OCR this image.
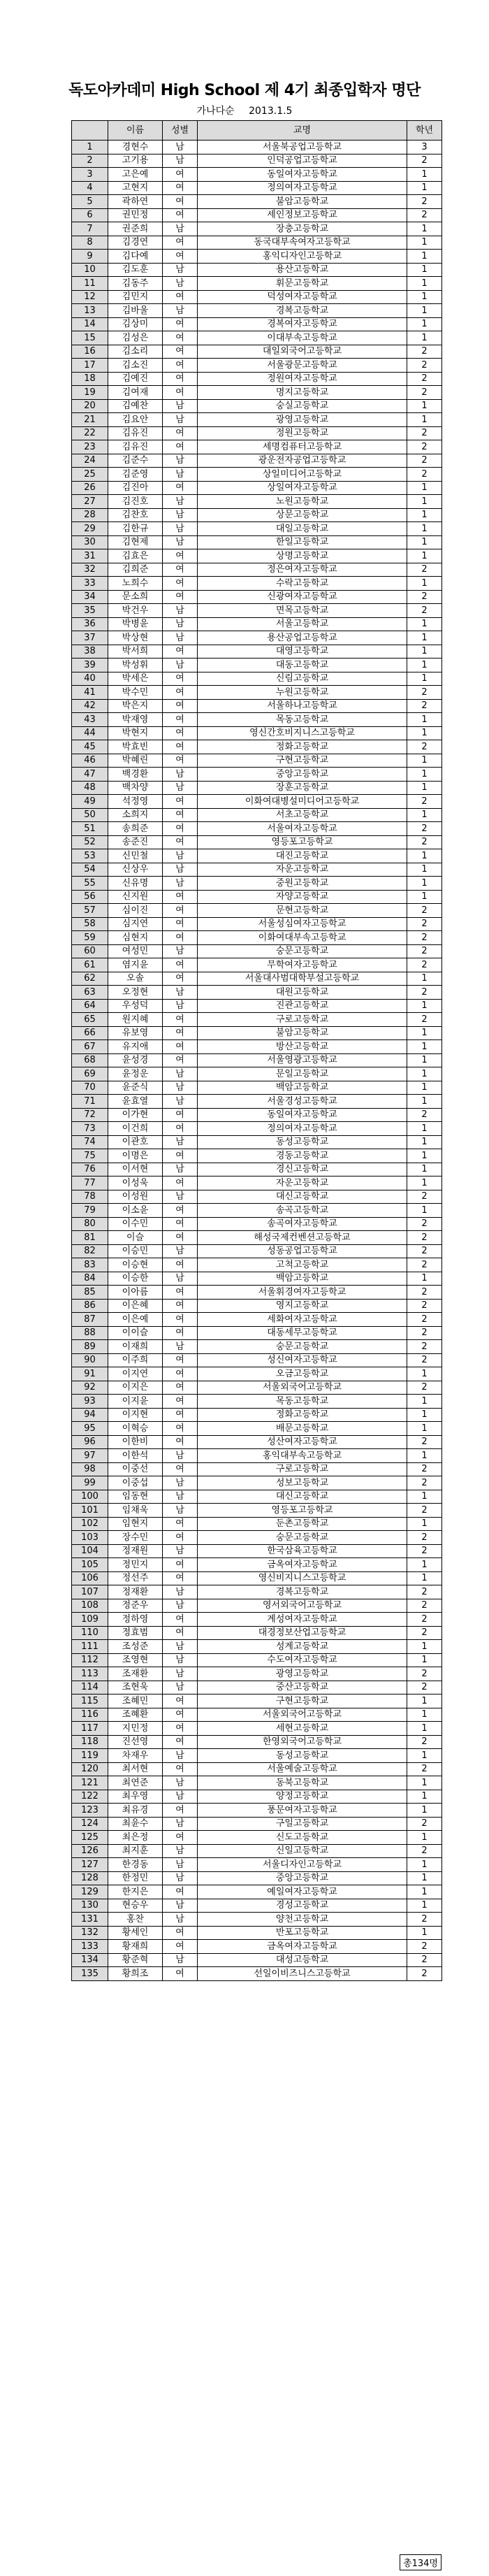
독도아카데미 High School 제 4기 최종입학자 명단
가나다순 2013.1.5
	이름	성별	교명	학년
1	경현수	남	서울북공업고등학교	3
2	고기용	남	인덕공업고등학교	2
3	고은예	여	동일여자고등학교	1
4	고현지	여	정의여자고등학교	1
5	곽하연	여	불암고등학교	2
6	권민정	여	세인정보고등학교	2
7	권준희	남	장충고등학교	1
8	김경연	여	동국대부속여자고등학교	1
9	김다예	여	홍익디자인고등학교	1
10	김도훈	남	용산고등학교	1
11	김동주	남	휘문고등학교	1
12	김민지	여	덕성여자고등학교	1
13	김바울	남	경복고등학교	1
14	김상미	여	경복여자고등학교	1
15	김성은	여	이대부속고등학교	1
16	김소리	여	대일외국어고등학교	2
17	김소진	여	서울광문고등학교	2
18	김예진	여	정원여자고등학교	2
19	김여재	여	명지고등학교	2
20	김예찬	남	숭실고등학교	1
21	김요안	남	광영고등학교	1
22	김유진	여	정원고등학교	2
23	김유진	여	세명컴퓨터고등학교	2
24	김준수	남	광운전자공업고등학교	2
25	김준영	남	상일미디어고등학교	2
26	김진아	여	상일여자고등학교	1
27	김진호	남	노원고등학교	1
28	김찬호	남	상문고등학교	1
29	김한규	남	대일고등학교	1
30	김현제	남	한일고등학교	1
31	김효은	여	상명고등학교	1
32	김희준	여	정은여자고등학교	2
33	노희수	여	수락고등학교	1
34	문소희	여	신광여자고등학교	2
35	박건우	남	면목고등학교	2
36	박병윤	남	서울고등학교	1
37	박상현	남	용산공업고등학교	1
38	박서희	여	대영고등학교	1
39	박성휘	남	대동고등학교	1
40	박세은	여	신림고등학교	1
41	박수민	여	누원고등학교	2
42	박은지	여	서울하나고등학교	2
43	박재영	여	목동고등학교	1
44	박현지	여	영신간호비지니스고등학교	1
45	박효빈	여	정화고등학교	2
46	박혜린	여	구현고등학교	1
47	백경환	남	중앙고등학교	1
48	백차양	남	장훈고등학교	1
49	석정영	여	이화여대병설미디어고등학교	2
50	소희지	여	서초고등학교	1
51	송희준	여	서울여자고등학교	2
52	송준진	여	영등포고등학교	2
53	신민철	남	대진고등학교	1
54	신상우	남	자운고등학교	1
55	신유명	남	중원고등학교	1
56	신지원	여	자양고등학교	1
57	심이진	여	문현고등학교	2
58	심지연	여	서울성심여자고등학교	2
59	심현지	여	이화여대부속고등학교	2
60	여성민	남	숭문고등학교	2
61	염지윤	여	무학여자고등학교	2
62	오솔	여	서울대사범대학부설고등학교	1
63	오정현	남	대원고등학교	2
64	우성덕	남	진관고등학교	1
65	원지혜	여	구로고등학교	2
66	유보영	여	불암고등학교	1
67	유지애	여	방산고등학교	1
68	윤성경	여	서울영광고등학교	1
69	윤정운	남	문일고등학교	1
70	윤준식	남	백암고등학교	1
71	윤효열	남	서울경성고등학교	1
72	이가현	여	동일여자고등학교	2
73	이건희	여	정의여자고등학교	1
74	이관호	남	동성고등학교	1
75	이명은	여	경동고등학교	1
76	이서현	남	경신고등학교	1
77	이성욱	여	자운고등학교	1
78	이성원	남	대신고등학교	2
79	이소윤	여	송곡고등학교	1
80	이수민	여	송곡여자고등학교	2
81	이슬	여	해성국제컨벤션고등학교	2
82	이승민	남	성동공업고등학교	2
83	이승현	여	고척고등학교	2
84	이승한	남	백암고등학교	1
85	이아름	여	서울휘경여자고등학교	2
86	이은혜	여	영지고등학교	2
87	이은예	여	세화여자고등학교	2
88	이이슬	여	대동세무고등학교	2
89	이재희	남	숭문고등학교	2
90	이주희	여	성신여자고등학교	2
91	이지연	여	오금고등학교	1
92	이지은	여	서울외국어고등학교	2
93	이지윤	여	목동고등학교	1
94	이지현	여	정화고등학교	1
95	이혁승	여	배문고등학교	1
96	이한비	여	성산여자고등학교	2
97	이한석	남	홍익대부속고등학교	1
98	이중선	여	구로고등학교	2
99	이중섭	남	성보고등학교	2
100	임동현	남	대신고등학교	1
101	임채욱	남	영등포고등학교	2
102	임현지	여	둔촌고등학교	1
103	장수민	여	숭문고등학교	2
104	정재원	남	한국삼육고등학교	2
105	정민지	여	금옥여자고등학교	1
106	정선주	여	영신비지니스고등학교	1
107	정재환	남	경복고등학교	2
108	정준우	남	영서외국어고등학교	2
109	정하영	여	계성여자고등학교	2
110	정효범	여	대경정보산업고등학교	2
111	조성준	남	성계고등학교	1
112	조영현	남	수도여자고등학교	1
113	조재환	남	광영고등학교	2
114	조현욱	남	중산고등학교	2
115	조혜민	여	구현고등학교	1
116	조혜환	여	서울외국어고등학교	1
117	지민정	여	세현고등학교	1
118	진선영	여	한영외국어고등학교	2
119	차재우	남	동성고등학교	1
120	최서현	여	서울예술고등학교	2
121	최연준	남	동북고등학교	1
122	최우영	남	양정고등학교	1
123	최유경	여	풍문여자고등학교	1
124	최윤수	남	구일고등학교	2
125	최은정	여	신도고등학교	1
126	최지훈	남	신일고등학교	2
127	한경동	남	서울디자인고등학교	1
128	한정민	남	중앙고등학교	1
129	한지은	여	예일여자고등학교	1
130	현승우	남	경성고등학교	1
131	홍찬	남	양천고등학교	2
132	황세인	여	반포고등학교	1
133	황재희	여	금옥여자고등학교	2
134	황준혁	남	대성고등학교	2
135	황희조	여	선일이비즈니스고등학교	2
총134명
